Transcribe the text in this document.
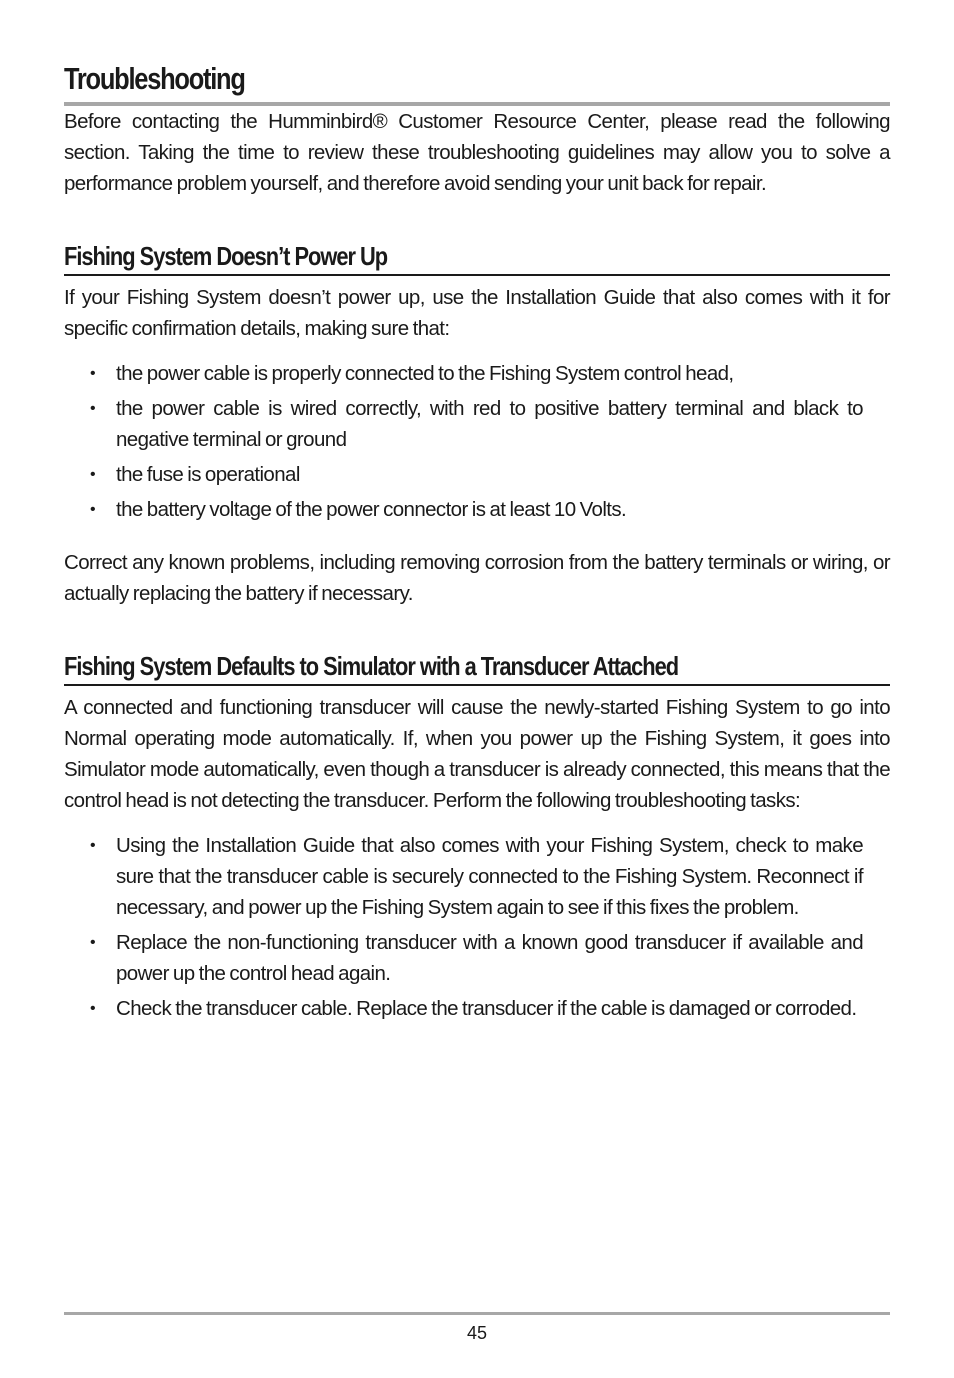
Troubleshooting

Before contacting the Humminbird® Customer Resource Center, please read the following section. Taking the time to review these troubleshooting guidelines may allow you to solve a performance problem yourself, and therefore avoid sending your unit back for repair.

Fishing System Doesn’t Power Up

If your Fishing System doesn’t power up, use the Installation Guide that also comes with it for specific confirmation details, making sure that:

• the power cable is properly connected to the Fishing System control head,
• the power cable is wired correctly, with red to positive battery terminal and black to negative terminal or ground
• the fuse is operational
• the battery voltage of the power connector is at least 10 Volts.

Correct any known problems, including removing corrosion from the battery terminals or wiring, or actually replacing the battery if necessary.

Fishing System Defaults to Simulator with a Transducer Attached

A connected and functioning transducer will cause the newly-started Fishing System to go into Normal operating mode automatically. If, when you power up the Fishing System, it goes into Simulator mode automatically, even though a transducer is already connected, this means that the control head is not detecting the transducer. Perform the following troubleshooting tasks:

• Using the Installation Guide that also comes with your Fishing System, check to make sure that the transducer cable is securely connected to the Fishing System. Reconnect if necessary, and power up the Fishing System again to see if this fixes the problem.
• Replace the non-functioning transducer with a known good transducer if available and power up the control head again.
• Check the transducer cable. Replace the transducer if the cable is damaged or corroded.
45
